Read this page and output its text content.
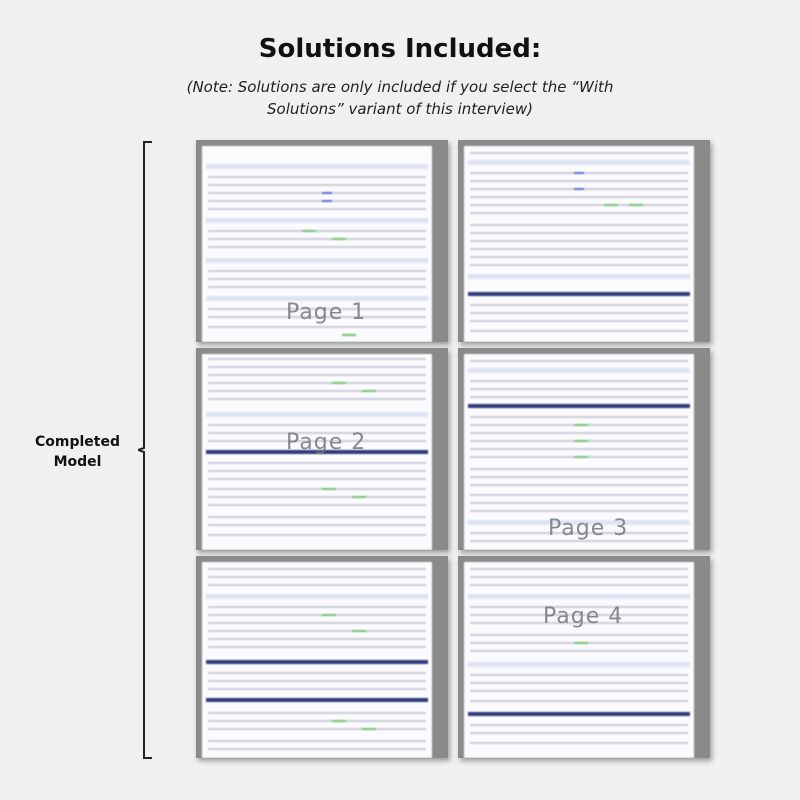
Solutions Included:
(Note: Solutions are only included if you select the “With Solutions” variant of this interview)
Completed Model
Page 1
Page 2
Page 3
Page 4
